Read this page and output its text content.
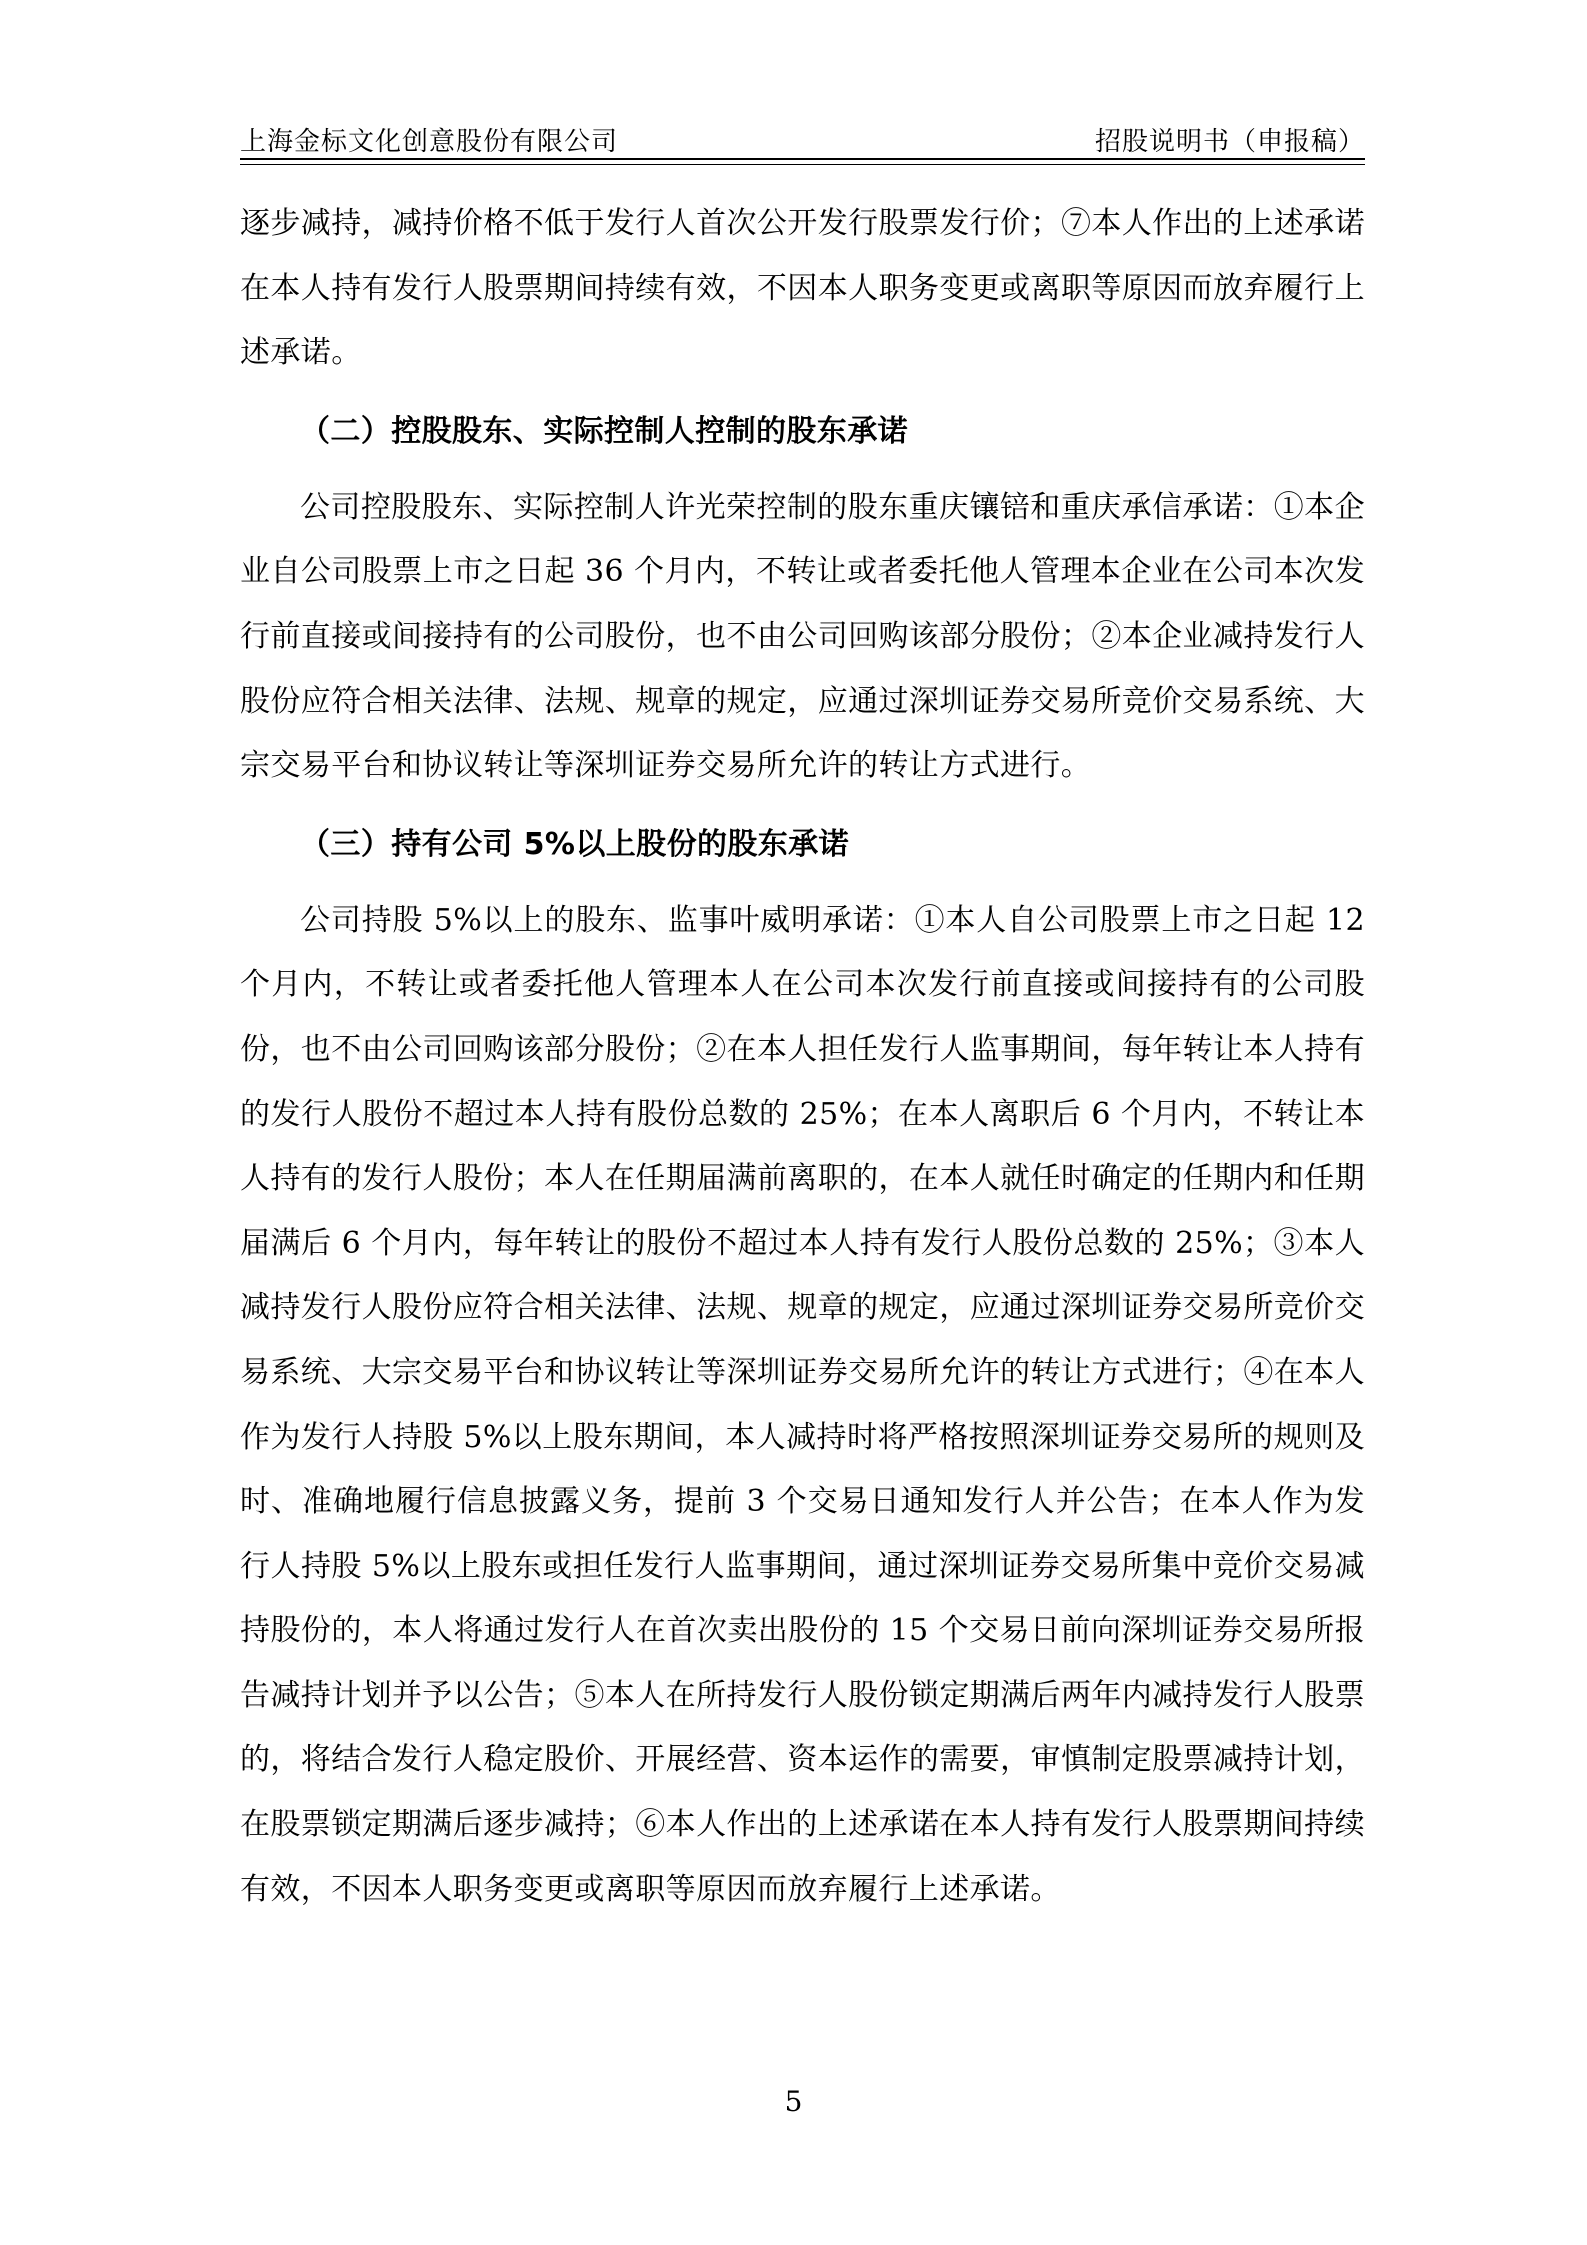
上海金标文化创意股份有限公司	招股说明书（申报稿）

逐步减持，减持价格不低于发行人首次公开发行股票发行价；⑦本人作出的上述承诺在本人持有发行人股票期间持续有效，不因本人职务变更或离职等原因而放弃履行上述承诺。

（二）控股股东、实际控制人控制的股东承诺

公司控股股东、实际控制人许光荣控制的股东重庆镶锫和重庆承信承诺：①本企业自公司股票上市之日起 36 个月内，不转让或者委托他人管理本企业在公司本次发行前直接或间接持有的公司股份，也不由公司回购该部分股份；②本企业减持发行人股份应符合相关法律、法规、规章的规定，应通过深圳证券交易所竞价交易系统、大宗交易平台和协议转让等深圳证券交易所允许的转让方式进行。

（三）持有公司 5%以上股份的股东承诺

公司持股 5%以上的股东、监事叶威明承诺：①本人自公司股票上市之日起 12 个月内，不转让或者委托他人管理本人在公司本次发行前直接或间接持有的公司股份，也不由公司回购该部分股份；②在本人担任发行人监事期间，每年转让本人持有的发行人股份不超过本人持有股份总数的 25%；在本人离职后 6 个月内，不转让本人持有的发行人股份；本人在任期届满前离职的，在本人就任时确定的任期内和任期届满后 6 个月内，每年转让的股份不超过本人持有发行人股份总数的 25%；③本人减持发行人股份应符合相关法律、法规、规章的规定，应通过深圳证券交易所竞价交易系统、大宗交易平台和协议转让等深圳证券交易所允许的转让方式进行；④在本人作为发行人持股 5%以上股东期间，本人减持时将严格按照深圳证券交易所的规则及时、准确地履行信息披露义务，提前 3 个交易日通知发行人并公告；在本人作为发行人持股 5%以上股东或担任发行人监事期间，通过深圳证券交易所集中竞价交易减持股份的，本人将通过发行人在首次卖出股份的 15 个交易日前向深圳证券交易所报告减持计划并予以公告；⑤本人在所持发行人股份锁定期满后两年内减持发行人股票的，将结合发行人稳定股价、开展经营、资本运作的需要，审慎制定股票减持计划，在股票锁定期满后逐步减持；⑥本人作出的上述承诺在本人持有发行人股票期间持续有效，不因本人职务变更或离职等原因而放弃履行上述承诺。

5
